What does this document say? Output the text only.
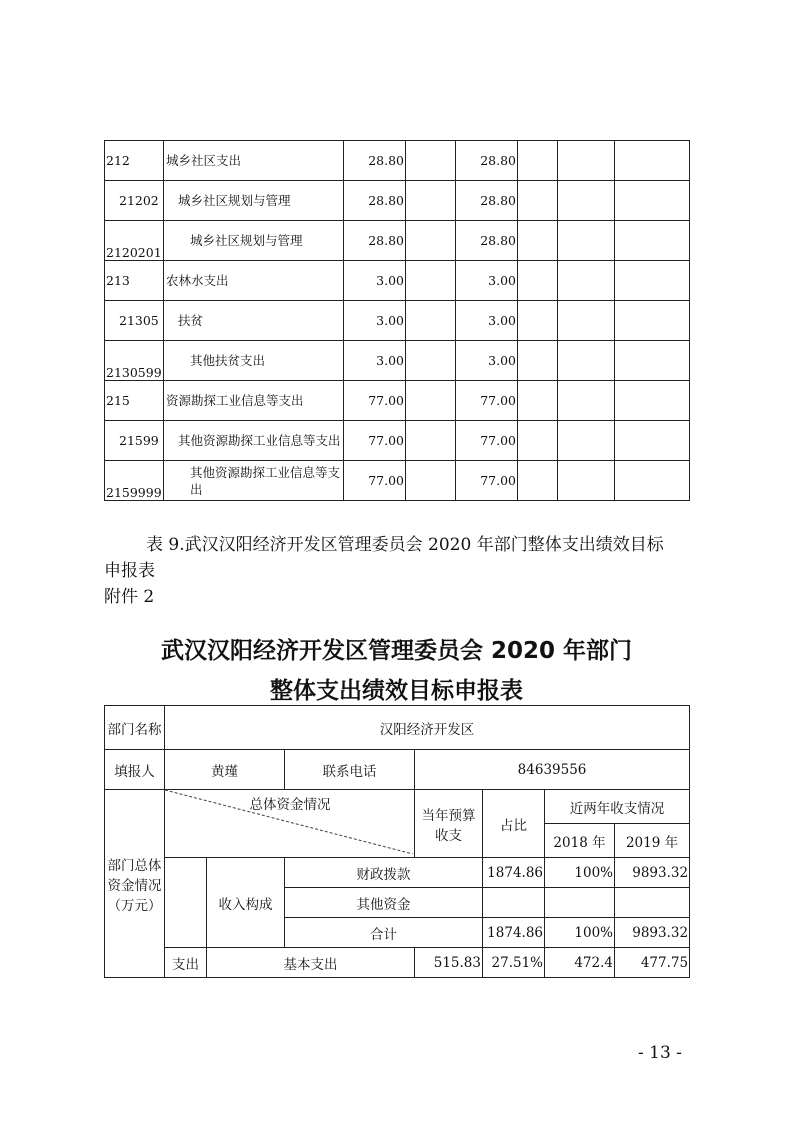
212	城乡社区支出	28.80		28.80			
21202	城乡社区规划与管理	28.80		28.80			
2120201	城乡社区规划与管理	28.80		28.80			
213	农林水支出	3.00		3.00			
21305	扶贫	3.00		3.00			
2130599	其他扶贫支出	3.00		3.00			
215	资源勘探工业信息等支出	77.00		77.00			
21599	其他资源勘探工业信息等支出	77.00		77.00			
2159999	其他资源勘探工业信息等支出	77.00		77.00			
表 9.武汉汉阳经济开发区管理委员会 2020 年部门整体支出绩效目标
申报表
附件 2
武汉汉阳经济开发区管理委员会 2020 年部门
整体支出绩效目标申报表
部门名称	汉阳经济开发区							
填报人	黄瑾		联系电话	84639556				
部门总体资金情况（万元）	总体资金情况			当年预算收支	占比	近两年收支情况		
						2018 年	2019 年	
		收入构成	财政拨款		1874.86	100%	9893.32	
			其他资金					
			合计		1874.86	100%	9893.32	
	支出	基本支出		515.83	27.51%	472.4	477.75	
- 13 -
